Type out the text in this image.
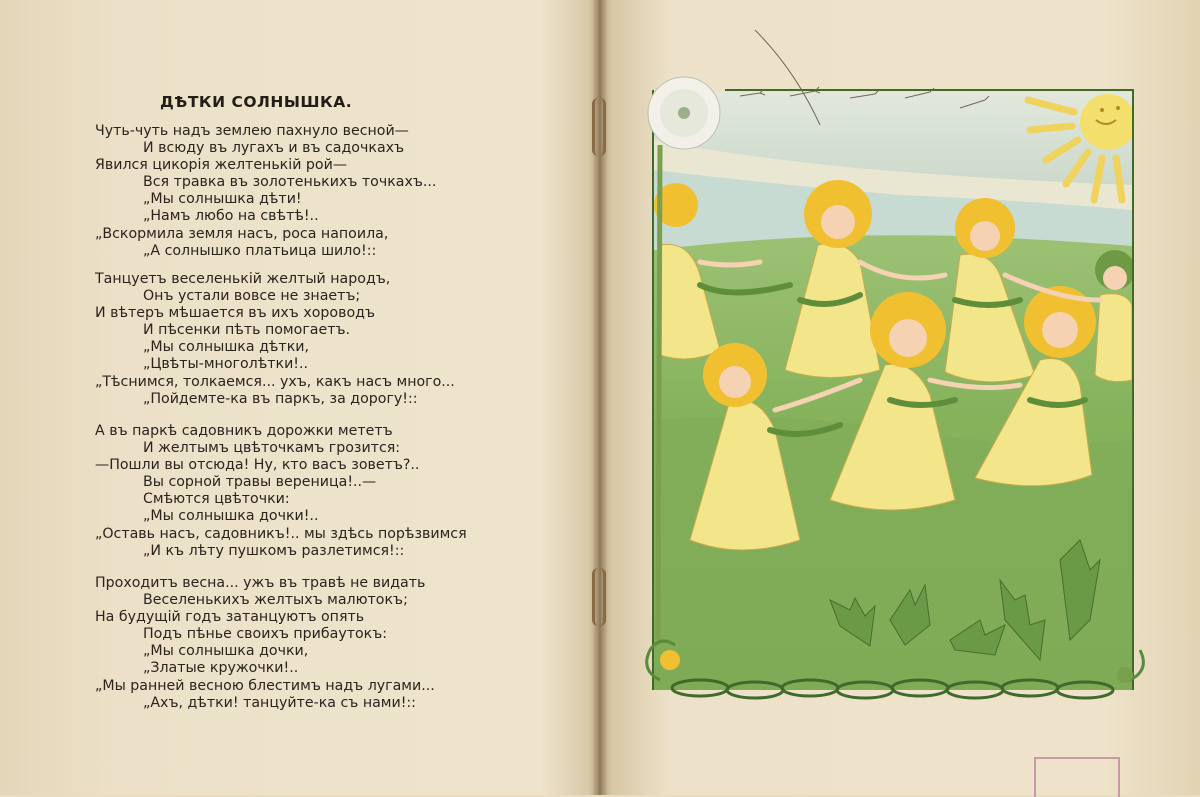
ДѢТКИ СОЛНЫШКА.
Чуть-чуть надъ землею пахнуло весной—
И всюду въ лугахъ и въ садочкахъ
Явился цикорія желтенькій рой—
Вся травка въ золотенькихъ точкахъ...
„Мы солнышка дѣти!
„Намъ любо на свѣтѣ!..
„Вскормила земля насъ, роса напоила,
„А солнышко платьица шило!::
Танцуетъ веселенькій желтый народъ,
Онъ устали вовсе не знаетъ;
И вѣтеръ мѣшается въ ихъ хороводъ
И пѣсенки пѣть помогаетъ.
„Мы солнышка дѣтки,
„Цвѣты-многолѣтки!..
„Тѣснимся, толкаемся... ухъ, какъ насъ много...
„Пойдемте-ка въ паркъ, за дорогу!::
А въ паркѣ садовникъ дорожки мететъ
И желтымъ цвѣточкамъ грозится:
—Пошли вы отсюда! Ну, кто васъ зоветъ?..
Вы сорной травы вереница!..—
Смѣются цвѣточки:
„Мы солнышка дочки!..
„Оставь насъ, садовникъ!.. мы здѣсь порѣзвимся
„И къ лѣту пушкомъ разлетимся!::
Проходитъ весна... ужъ въ травѣ не видать
Веселенькихъ желтыхъ малютокъ;
На будущій годъ затанцуютъ опять
Подъ пѣнье своихъ прибаутокъ:
„Мы солнышка дочки,
„Златые кружочки!..
„Мы ранней весною блестимъ надъ лугами...
„Ахъ, дѣтки! танцуйте-ка съ нами!::
